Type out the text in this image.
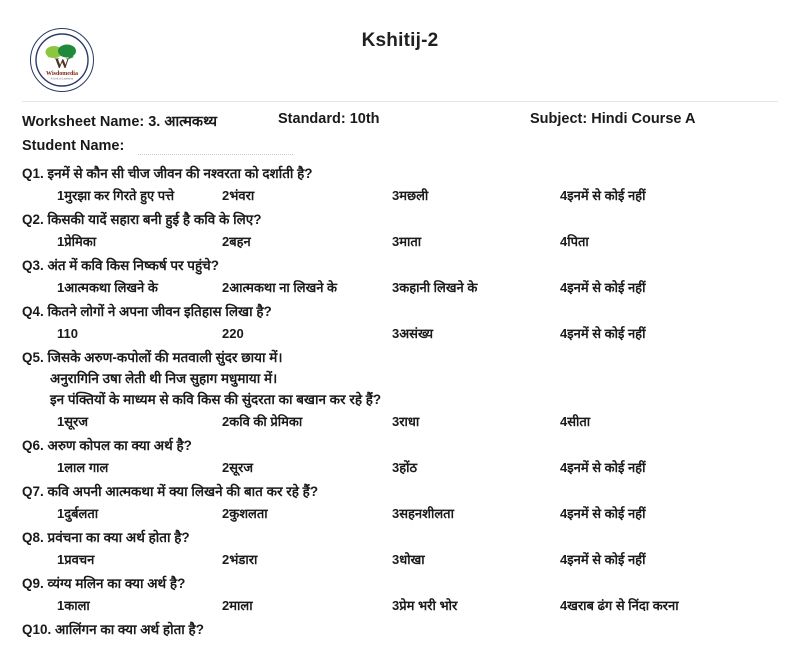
W
Wisdomedia
A Unit of Learners
Kshitij-2
Worksheet Name: 3. आत्मकथ्य	Standard: 10th	Subject: Hindi Course A
Student Name:
Q1. इनमें से कौन सी चीज जीवन की नश्वरता को दर्शाती है?
1मुरझा कर गिरते हुए पत्ते	2भंवरा	3मछली	4इनमें से कोई नहीं
Q2. किसकी यादें सहारा बनी हुई है कवि के लिए?
1प्रेमिका	2बहन	3माता	4पिता
Q3. अंत में कवि किस निष्कर्ष पर पहुंचे?
1आत्मकथा लिखने के	2आत्मकथा ना लिखने के	3कहानी लिखने के	4इनमें से कोई नहीं
Q4. कितने लोगों ने अपना जीवन इतिहास लिखा है?
110	220	3असंख्य	4इनमें से कोई नहीं
Q5. जिसके अरुण-कपोलों की मतवाली सुंदर छाया में।
अनुरागिनि उषा लेती थी निज सुहाग मधुमाया में।
इन पंक्तियों के माध्यम से कवि किस की सुंदरता का बखान कर रहे हैं?
1सूरज	2कवि की प्रेमिका	3राधा	4सीता
Q6. अरुण कोपल का क्या अर्थ है?
1लाल गाल	2सूरज	3होंठ	4इनमें से कोई नहीं
Q7. कवि अपनी आत्मकथा में क्या लिखने की बात कर रहे हैं?
1दुर्बलता	2कुशलता	3सहनशीलता	4इनमें से कोई नहीं
Q8. प्रवंचना का क्या अर्थ होता है?
1प्रवचन	2भंडारा	3धोखा	4इनमें से कोई नहीं
Q9. व्यंग्य मलिन का क्या अर्थ है?
1काला	2माला	3प्रेम भरी भोर	4खराब ढंग से निंदा करना
Q10. आलिंगन का क्या अर्थ होता है?
